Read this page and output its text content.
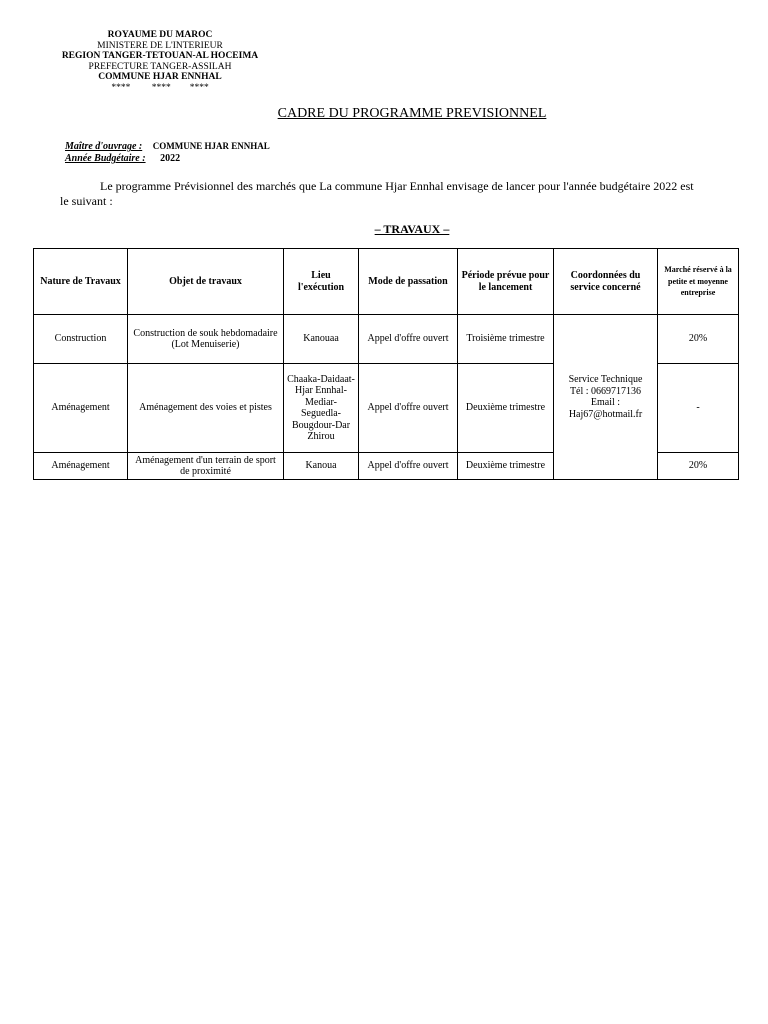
ROYAUME DU MAROC
MINISTERE DE L'INTERIEUR
REGION TANGER-TETOUAN-AL HOCEIMA
PREFECTURE TANGER-ASSILAH
COMMUNE HJAR ENNHAL
****         ****        ****
CADRE DU PROGRAMME PREVISIONNEL
Maître d'ouvrage : COMMUNE HJAR ENNHAL
Année Budgétaire : 2022
Le programme Prévisionnel des marchés que La commune Hjar Ennhal envisage de lancer pour l'année budgétaire 2022 est le suivant :
– TRAVAUX –
Nature de Travaux	Objet de travaux	Lieu l'exécution	Mode de passation	Période prévue pour le lancement	Coordonnées du service concerné	Marché réservé à la petite et moyenne entreprise
Construction	Construction de souk hebdomadaire (Lot Menuiserie)	Kanouaa	Appel d'offre ouvert	Troisième trimestre	Service Technique
Tél : 0669717136
Email :
Haj67@hotmail.fr	20%
Aménagement	Aménagement des voies et pistes	Chaaka-Daidaat-Hjar Ennhal-Mediar-Seguedla-Bougdour-Dar Zhirou	Appel d'offre ouvert	Deuxième trimestre		-
Aménagement	Aménagement d'un terrain de sport de proximité	Kanoua	Appel d'offre ouvert	Deuxième trimestre		20%
